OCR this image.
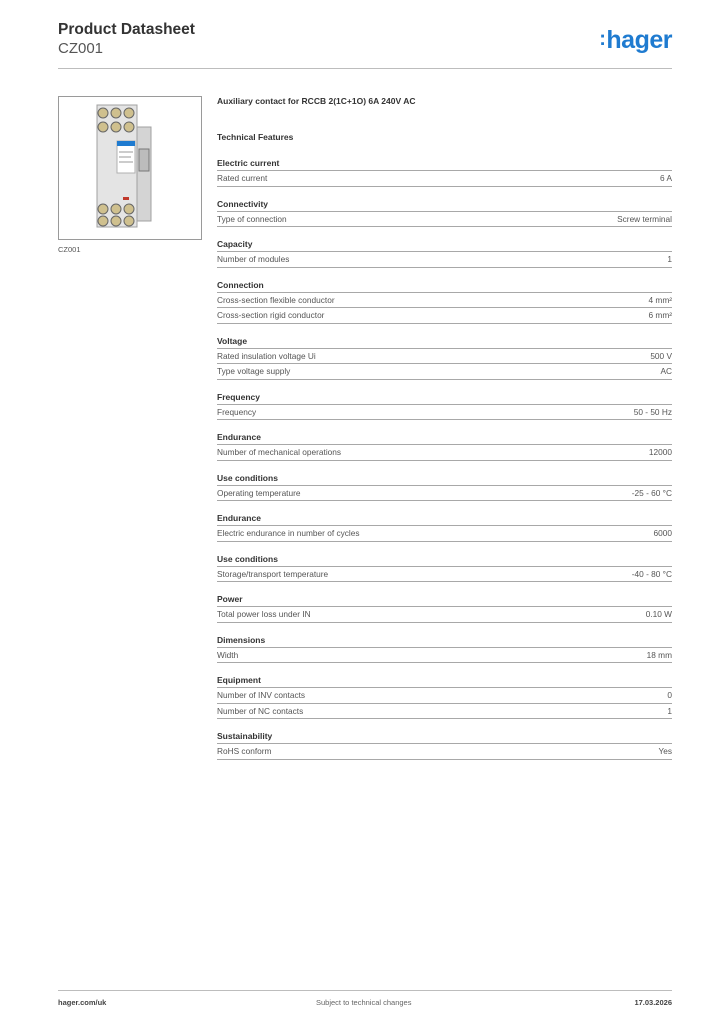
Product Datasheet
CZ001	:hager
CZ001
Auxiliary contact for RCCB 2(1C+1O) 6A 240V AC
Technical Features
Electric current
Rated current	6 A
Connectivity
Type of connection	Screw terminal
Capacity
Number of modules	1
Connection
Cross-section flexible conductor	4 mm²
Cross-section rigid conductor	6 mm²
Voltage
Rated insulation voltage Ui	500 V
Type voltage supply	AC
Frequency
Frequency	50 - 50 Hz
Endurance
Number of mechanical operations	12000
Use conditions
Operating temperature	-25 - 60 °C
Endurance
Electric endurance in number of cycles	6000
Use conditions
Storage/transport temperature	-40 - 80 °C
Power
Total power loss under IN	0.10 W
Dimensions
Width	18 mm
Equipment
Number of INV contacts	0
Number of NC contacts	1
Sustainability
RoHS conform	Yes
hager.com/uk	Subject to technical changes	17.03.2026
